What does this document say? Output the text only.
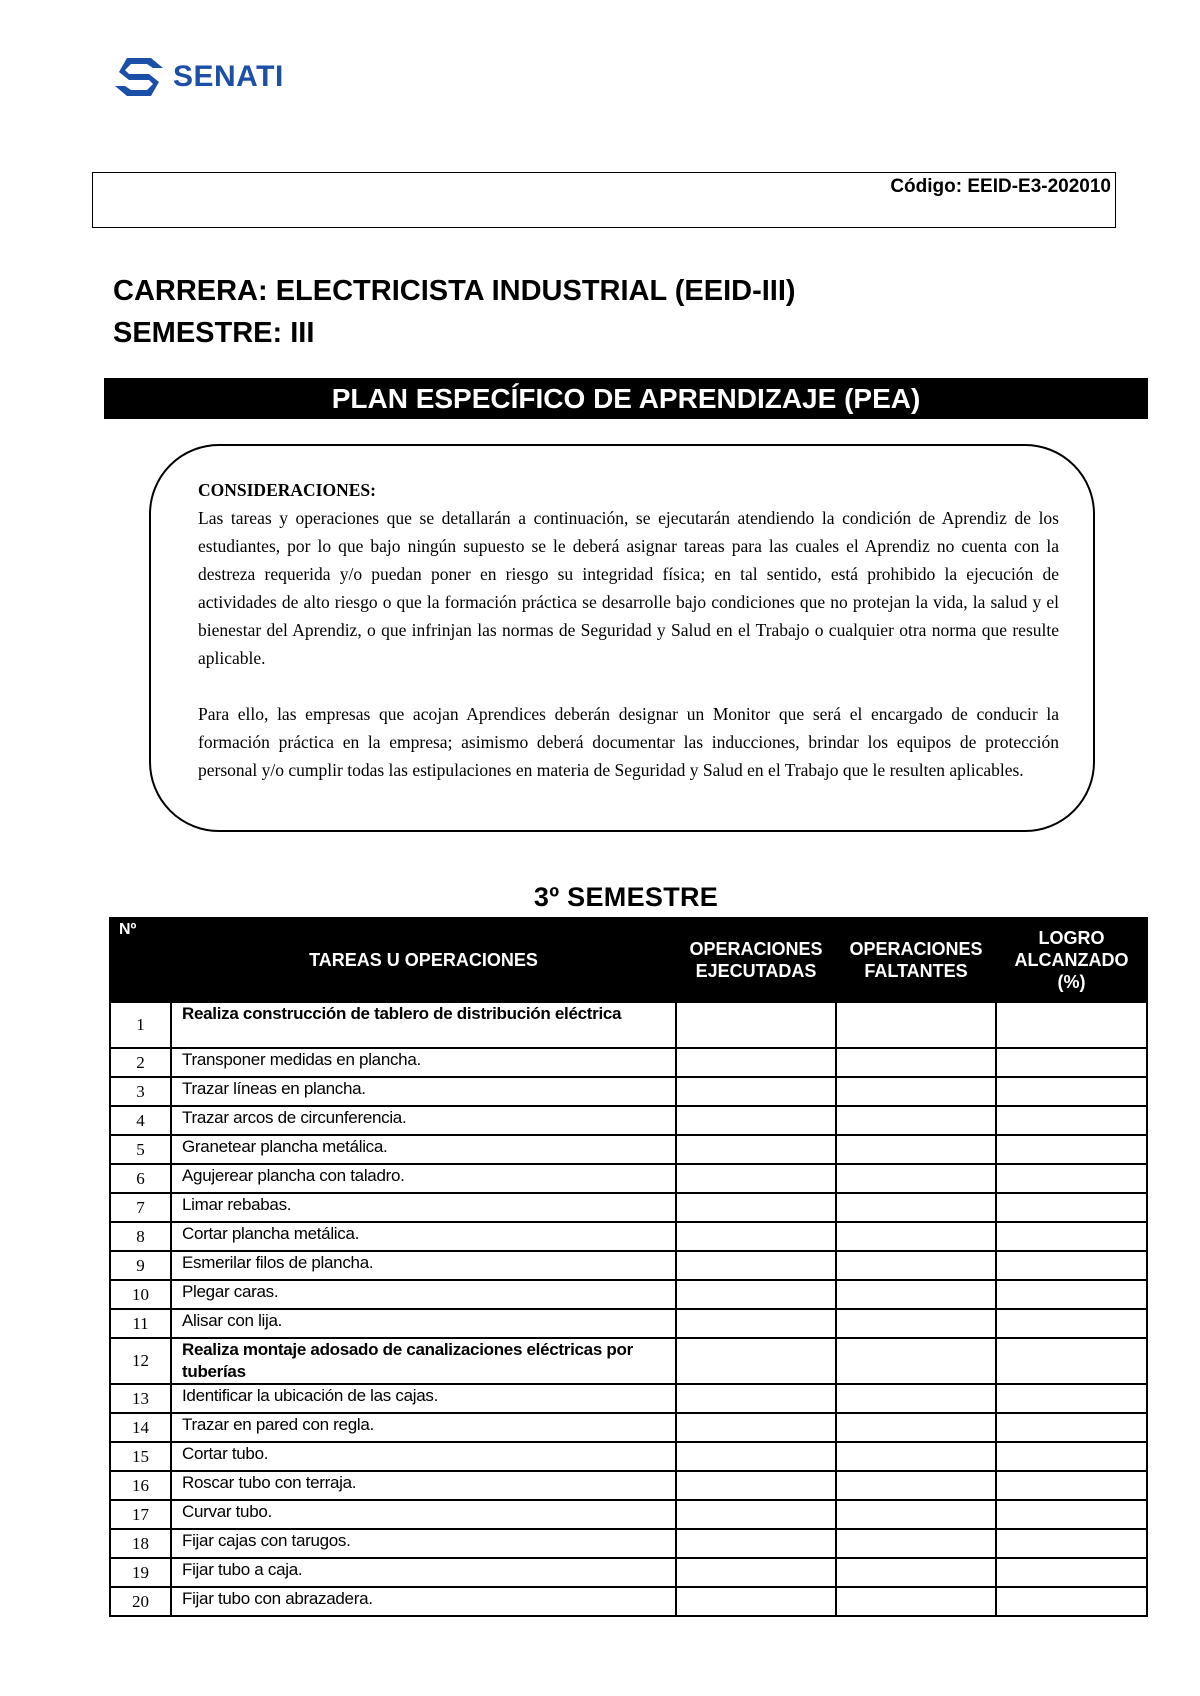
SENATI
Código: EEID-E3-202010
CARRERA: ELECTRICISTA INDUSTRIAL (EEID-III)
SEMESTRE: III
PLAN ESPECÍFICO DE APRENDIZAJE (PEA)

CONSIDERACIONES:
Las tareas y operaciones que se detallarán a continuación, se ejecutarán atendiendo la condición de Aprendiz de los estudiantes, por lo que bajo ningún supuesto se le deberá asignar tareas para las cuales el Aprendiz no cuenta con la destreza requerida y/o puedan poner en riesgo su integridad física; en tal sentido, está prohibido la ejecución de actividades de alto riesgo o que la formación práctica se desarrolle bajo condiciones que no protejan la vida, la salud y el bienestar del Aprendiz, o que infrinjan las normas de Seguridad y Salud en el Trabajo o cualquier otra norma que resulte aplicable.

Para ello, las empresas que acojan Aprendices deberán designar un Monitor que será el encargado de conducir la formación práctica en la empresa; asimismo deberá documentar las inducciones, brindar los equipos de protección personal y/o cumplir todas las estipulaciones en materia de Seguridad y Salud en el Trabajo que le resulten aplicables.

3º SEMESTRE
Nº	TAREAS U OPERACIONES	OPERACIONES EJECUTADAS	OPERACIONES FALTANTES	LOGRO ALCANZADO (%)
1	Realiza construcción de tablero de distribución eléctrica			
2	Transponer medidas en plancha.			
3	Trazar líneas en plancha.			
4	Trazar arcos de circunferencia.			
5	Granetear plancha metálica.			
6	Agujerear plancha con taladro.			
7	Limar rebabas.			
8	Cortar plancha metálica.			
9	Esmerilar filos de plancha.			
10	Plegar caras.			
11	Alisar con lija.			
12	Realiza montaje adosado de canalizaciones eléctricas por tuberías			
13	Identificar la ubicación de las cajas.			
14	Trazar en pared con regla.			
15	Cortar tubo.			
16	Roscar tubo con terraja.			
17	Curvar tubo.			
18	Fijar cajas con tarugos.			
19	Fijar tubo a caja.			
20	Fijar tubo con abrazadera.			
